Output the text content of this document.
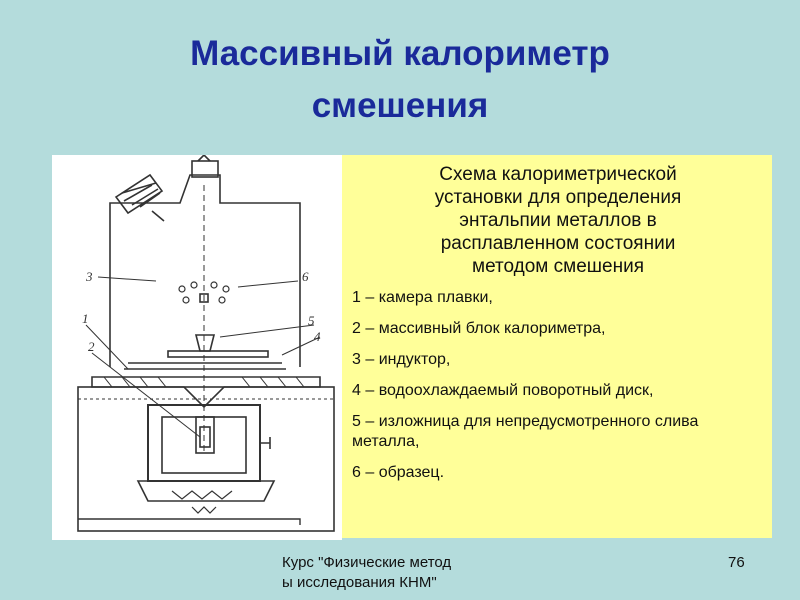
Массивный калориметр
смешения
3	6
1
2
5
4
Схема калориметрической
установки для определения
энтальпии металлов в
расплавленном состоянии
методом смешения
1 – камера плавки,
2 – массивный блок калориметра,
3 – индуктор,
4 – водоохлаждаемый поворотный диск,
5 – изложница для непредусмотренного слива металла,
6 – образец.
Курс "Физические метод
ы исследования КНМ"
76
